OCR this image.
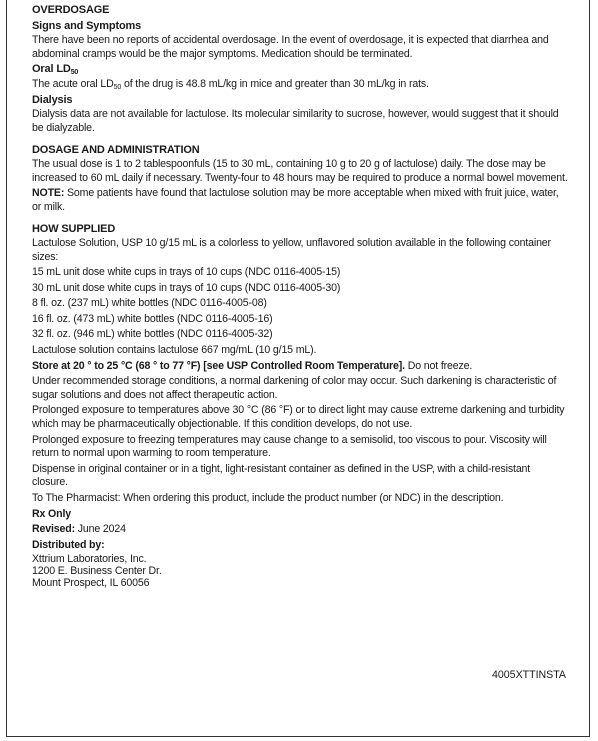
OVERDOSAGE
Signs and Symptoms
There have been no reports of accidental overdosage. In the event of overdosage, it is expected that diarrhea and abdominal cramps would be the major symptoms. Medication should be terminated.
Oral $LD_{50}$
The acute oral $LD_{50}$ of the drug is 48.8 mL/kg in mice and greater than 30 mL/kg in rats.
Dialysis
Dialysis data are not available for lactulose. Its molecular similarity to sucrose, however, would suggest that it should be dialyzable.
DOSAGE AND ADMINISTRATION
The usual dose is 1 to 2 tablespoonfuls (15 to 30 mL, containing 10 g to 20 g of lactulose) daily. The dose may be increased to 60 mL daily if necessary. Twenty-four to 48 hours may be required to produce a normal bowel movement.
NOTE: Some patients have found that lactulose solution may be more acceptable when mixed with fruit juice, water, or milk.
HOW SUPPLIED
Lactulose Solution, USP 10 g/15 mL is a colorless to yellow, unflavored solution available in the following container sizes:
15 mL unit dose white cups in trays of 10 cups (NDC 0116-4005-15)
30 mL unit dose white cups in trays of 10 cups (NDC 0116-4005-30)
8 fl. oz. (237 mL) white bottles (NDC 0116-4005-08)
16 fl. oz. (473 mL) white bottles (NDC 0116-4005-16)
32 fl. oz. (946 mL) white bottles (NDC 0116-4005-32)
Lactulose solution contains lactulose 667 mg/mL (10 g/15 mL).
Store at 20 ° to 25 °C (68 ° to 77 °F) [see USP Controlled Room Temperature]. Do not freeze.
Under recommended storage conditions, a normal darkening of color may occur. Such darkening is characteristic of sugar solutions and does not affect therapeutic action.
Prolonged exposure to temperatures above 30 °C (86 °F) or to direct light may cause extreme darkening and turbidity which may be pharmaceutically objectionable. If this condition develops, do not use.
Prolonged exposure to freezing temperatures may cause change to a semisolid, too viscous to pour. Viscosity will return to normal upon warming to room temperature.
Dispense in original container or in a tight, light-resistant container as defined in the USP, with a child-resistant closure.
To The Pharmacist: When ordering this product, include the product number (or NDC) in the description.
Rx Only
Revised: June 2024
Distributed by:
Xttrium Laboratories, Inc.
1200 E. Business Center Dr.
Mount Prospect, IL 60056
4005XTTINSTA
